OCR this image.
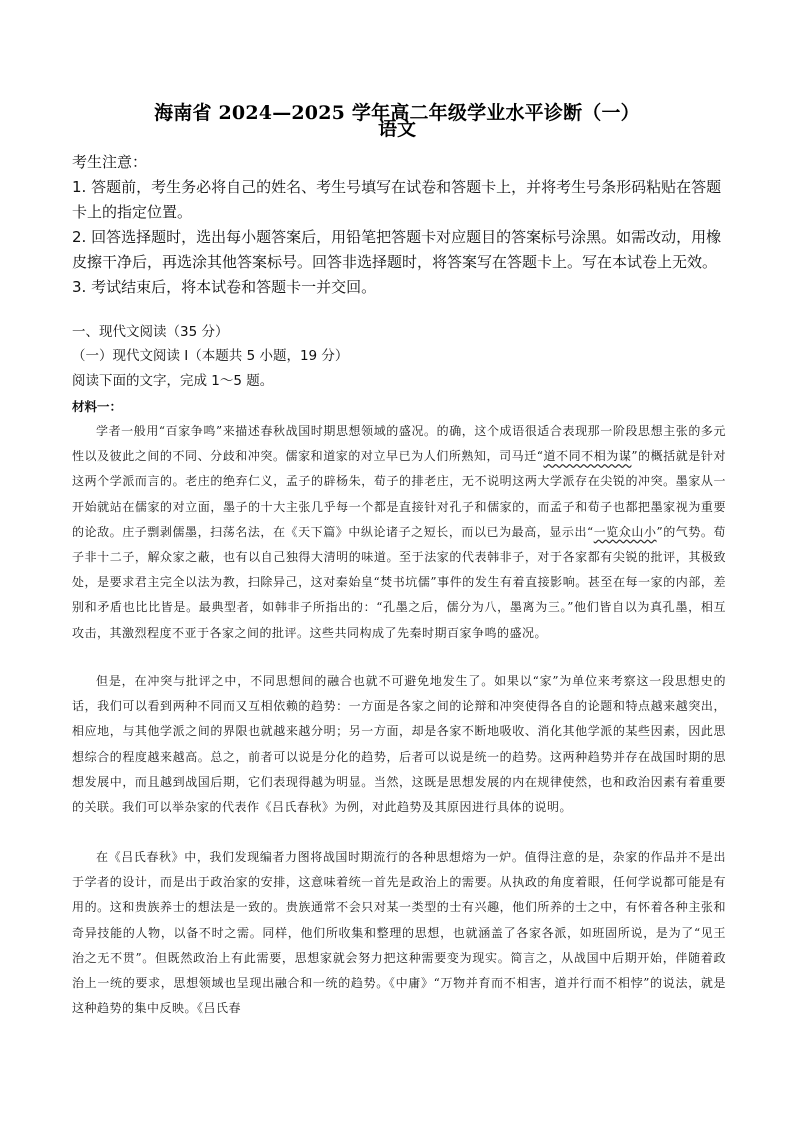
海南省 2024—2025 学年高二年级学业水平诊断（一）
语文

考生注意：

1. 答题前，考生务必将自己的姓名、考生号填写在试卷和答题卡上，并将考生号条形码粘贴在答题卡上的指定位置。

2. 回答选择题时，选出每小题答案后，用铅笔把答题卡对应题目的答案标号涂黑。如需改动，用橡皮擦干净后，再选涂其他答案标号。回答非选择题时，将答案写在答题卡上。写在本试卷上无效。

3. 考试结束后，将本试卷和答题卡一并交回。

一、现代文阅读（35 分）

（一）现代文阅读 I（本题共 5 小题，19 分）

阅读下面的文字，完成 1～5 题。

材料一：

学者一般用“百家争鸣”来描述春秋战国时期思想领域的盛况。的确，这个成语很适合表现那一阶段思想主张的多元性以及彼此之间的不同、分歧和冲突。儒家和道家的对立早已为人们所熟知，司马迁“道不同不相为谋”的概括就是针对这两个学派而言的。老庄的绝弃仁义，孟子的辟杨朱，荀子的排老庄，无不说明这两大学派存在尖锐的冲突。墨家从一开始就站在儒家的对立面，墨子的十大主张几乎每一个都是直接针对孔子和儒家的，而孟子和荀子也都把墨家视为重要的论敌。庄子剽剥儒墨，扫荡名法，在《天下篇》中纵论诸子之短长，而以已为最高，显示出“一览众山小”的气势。荀子非十二子，解众家之蔽，也有以自己独得大清明的味道。至于法家的代表韩非子，对于各家都有尖锐的批评，其极致处，是要求君主完全以法为教，扫除异己，这对秦始皇“焚书坑儒”事件的发生有着直接影响。甚至在每一家的内部，差别和矛盾也比比皆是。最典型者，如韩非子所指出的：“孔墨之后，儒分为八，墨离为三。”他们皆自以为真孔墨，相互攻击，其激烈程度不亚于各家之间的批评。这些共同构成了先秦时期百家争鸣的盛况。

但是，在冲突与批评之中，不同思想间的融合也就不可避免地发生了。如果以“家”为单位来考察这一段思想史的话，我们可以看到两种不同而又互相依赖的趋势：一方面是各家之间的论辩和冲突使得各自的论题和特点越来越突出，相应地，与其他学派之间的界限也就越来越分明；另一方面，却是各家不断地吸收、消化其他学派的某些因素，因此思想综合的程度越来越高。总之，前者可以说是分化的趋势，后者可以说是统一的趋势。这两种趋势并存在战国时期的思想发展中，而且越到战国后期，它们表现得越为明显。当然，这既是思想发展的内在规律使然，也和政治因素有着重要的关联。我们可以举杂家的代表作《吕氏春秋》为例，对此趋势及其原因进行具体的说明。

在《吕氏春秋》中，我们发现编者力图将战国时期流行的各种思想熔为一炉。值得注意的是，杂家的作品并不是出于学者的设计，而是出于政治家的安排，这意味着统一首先是政治上的需要。从执政的角度着眼，任何学说都可能是有用的。这和贵族养士的想法是一致的。贵族通常不会只对某一类型的士有兴趣，他们所养的士之中，有怀着各种主张和奇异技能的人物，以备不时之需。同样，他们所收集和整理的思想，也就涵盖了各家各派，如班固所说，是为了“见王治之无不贯”。但既然政治上有此需要，思想家就会努力把这种需要变为现实。简言之，从战国中后期开始，伴随着政治上一统的要求，思想领域也呈现出融合和一统的趋势。《中庸》“万物并育而不相害，道并行而不相悖”的说法，就是这种趋势的集中反映。《吕氏春
